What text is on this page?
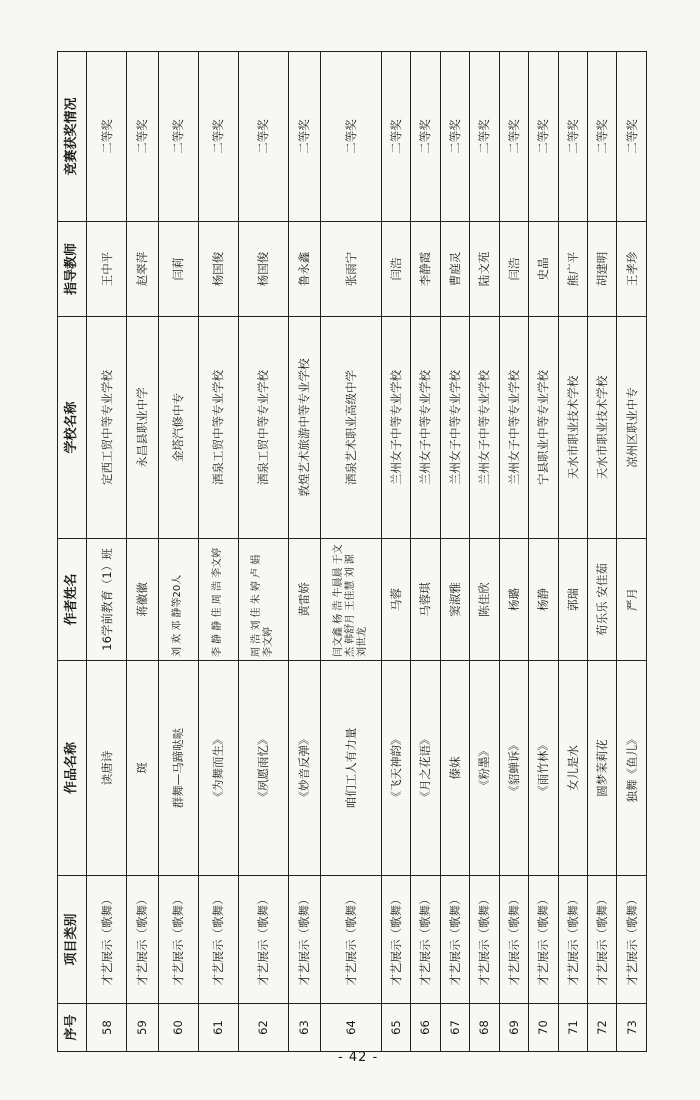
序号	项目类别	作品名称	作者姓名	学校名称	指导教师	竞赛获奖情况
58	才艺展示（歌舞）	读唐诗	16学前教育（1）班	定西工贸中等专业学校	王中平	二等奖
59	才艺展示（歌舞）	斑	蒋徽徽	永昌县职业中学	赵翠萍	二等奖
60	才艺展示（歌舞）	群舞—马蹄哒哒	刘 欢 邓 静等20人	金塔汽修中专	闫莉	二等奖
61	才艺展示（歌舞）	《为舞而生》	李 静 静 佳 周 浩 李文婷	酒泉工贸中等专业学校	杨国俊	二等奖
62	才艺展示（歌舞）	《夙愿雨忆》	周 浩 刘 佳 朱 婷 卢 娟 李文婷	酒泉工贸中等专业学校	杨国俊	二等奖
63	才艺展示（歌舞）	《妙音反弹》	黄雷娇	敦煌艺术旅游中等专业学校	鲁永鑫	二等奖
64	才艺展示（歌舞）	咱们工人有力量	闫文鑫 杨 浩 牛晨晨 于文杰 韩舒月 王佳慧 刘 源 刘世龙	酒泉艺术职业高级中学	张雨宁	二等奖
65	才艺展示（歌舞）	《飞天神韵》	马蓉	兰州女子中等专业学校	闫浩	二等奖
66	才艺展示（歌舞）	《月之花语》	马蓉琪	兰州女子中等专业学校	李静霞	二等奖
67	才艺展示（歌舞）	傣妹	窦淑雅	兰州女子中等专业学校	曹庭灵	二等奖
68	才艺展示（歌舞）	《粉墨》	陈佳欣	兰州女子中等专业学校	陆文苑	二等奖
69	才艺展示（歌舞）	《貂蝉诉》	杨璐	兰州女子中等专业学校	闫浩	二等奖
70	才艺展示（歌舞）	《雨竹林》	杨静	宁县职业中等专业学校	史晶	二等奖
71	才艺展示（歌舞）	女儿是水	郭瑞	天水市职业技术学校	熊广平	二等奖
72	才艺展示（歌舞）	圆梦茉莉花	荀乐乐 安佳茹	天水市职业技术学校	胡建明	二等奖
73	才艺展示（歌舞）	独舞《鱼儿》	严月	凉州区职业中专	王孝珍	二等奖
- 42 -
